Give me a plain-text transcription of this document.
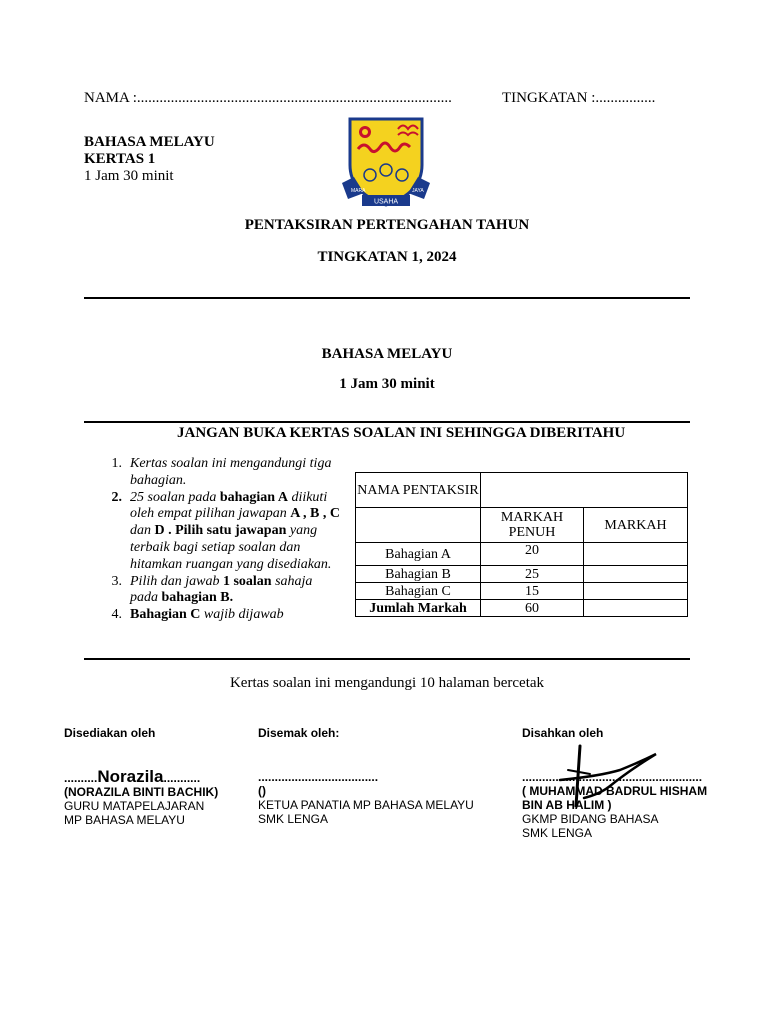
NAMA :....................................................................................	TINGKATAN :................
BAHASA MELAYU
KERTAS 1
1 Jam 30 minit
MARA	JAYA
USAHA
PENTAKSIRAN PERTENGAHAN TAHUN
TINGKATAN 1, 2024
BAHASA MELAYU
1 Jam 30 minit
JANGAN BUKA KERTAS SOALAN INI SEHINGGA DIBERITAHU
1. Kertas soalan ini mengandungi tiga bahagian.
2. 25 soalan pada bahagian A diikuti oleh empat pilihan jawapan A , B , C dan D . Pilih satu jawapan yang terbaik bagi setiap soalan dan hitamkan ruangan yang disediakan.
3. Pilih dan jawab 1 soalan sahaja pada bahagian B.
4. Bahagian C wajib dijawab
NAMA PENTAKSIR		
	MARKAH PENUH	MARKAH
Bahagian A	20	
Bahagian B	25	
Bahagian C	15	
Jumlah Markah	60	
Kertas soalan ini mengandungi 10 halaman bercetak
Disediakan oleh
..........Norazila...........
(NORAZILA BINTI BACHIK)
GURU MATAPELAJARAN
MP BAHASA MELAYU
Disemak oleh:
....................................
()
KETUA PANATIA MP BAHASA MELAYU
SMK LENGA
Disahkan oleh
......................................................
( MUHAMMAD BADRUL HISHAM
BIN AB HALIM )
GKMP BIDANG BAHASA
SMK LENGA
